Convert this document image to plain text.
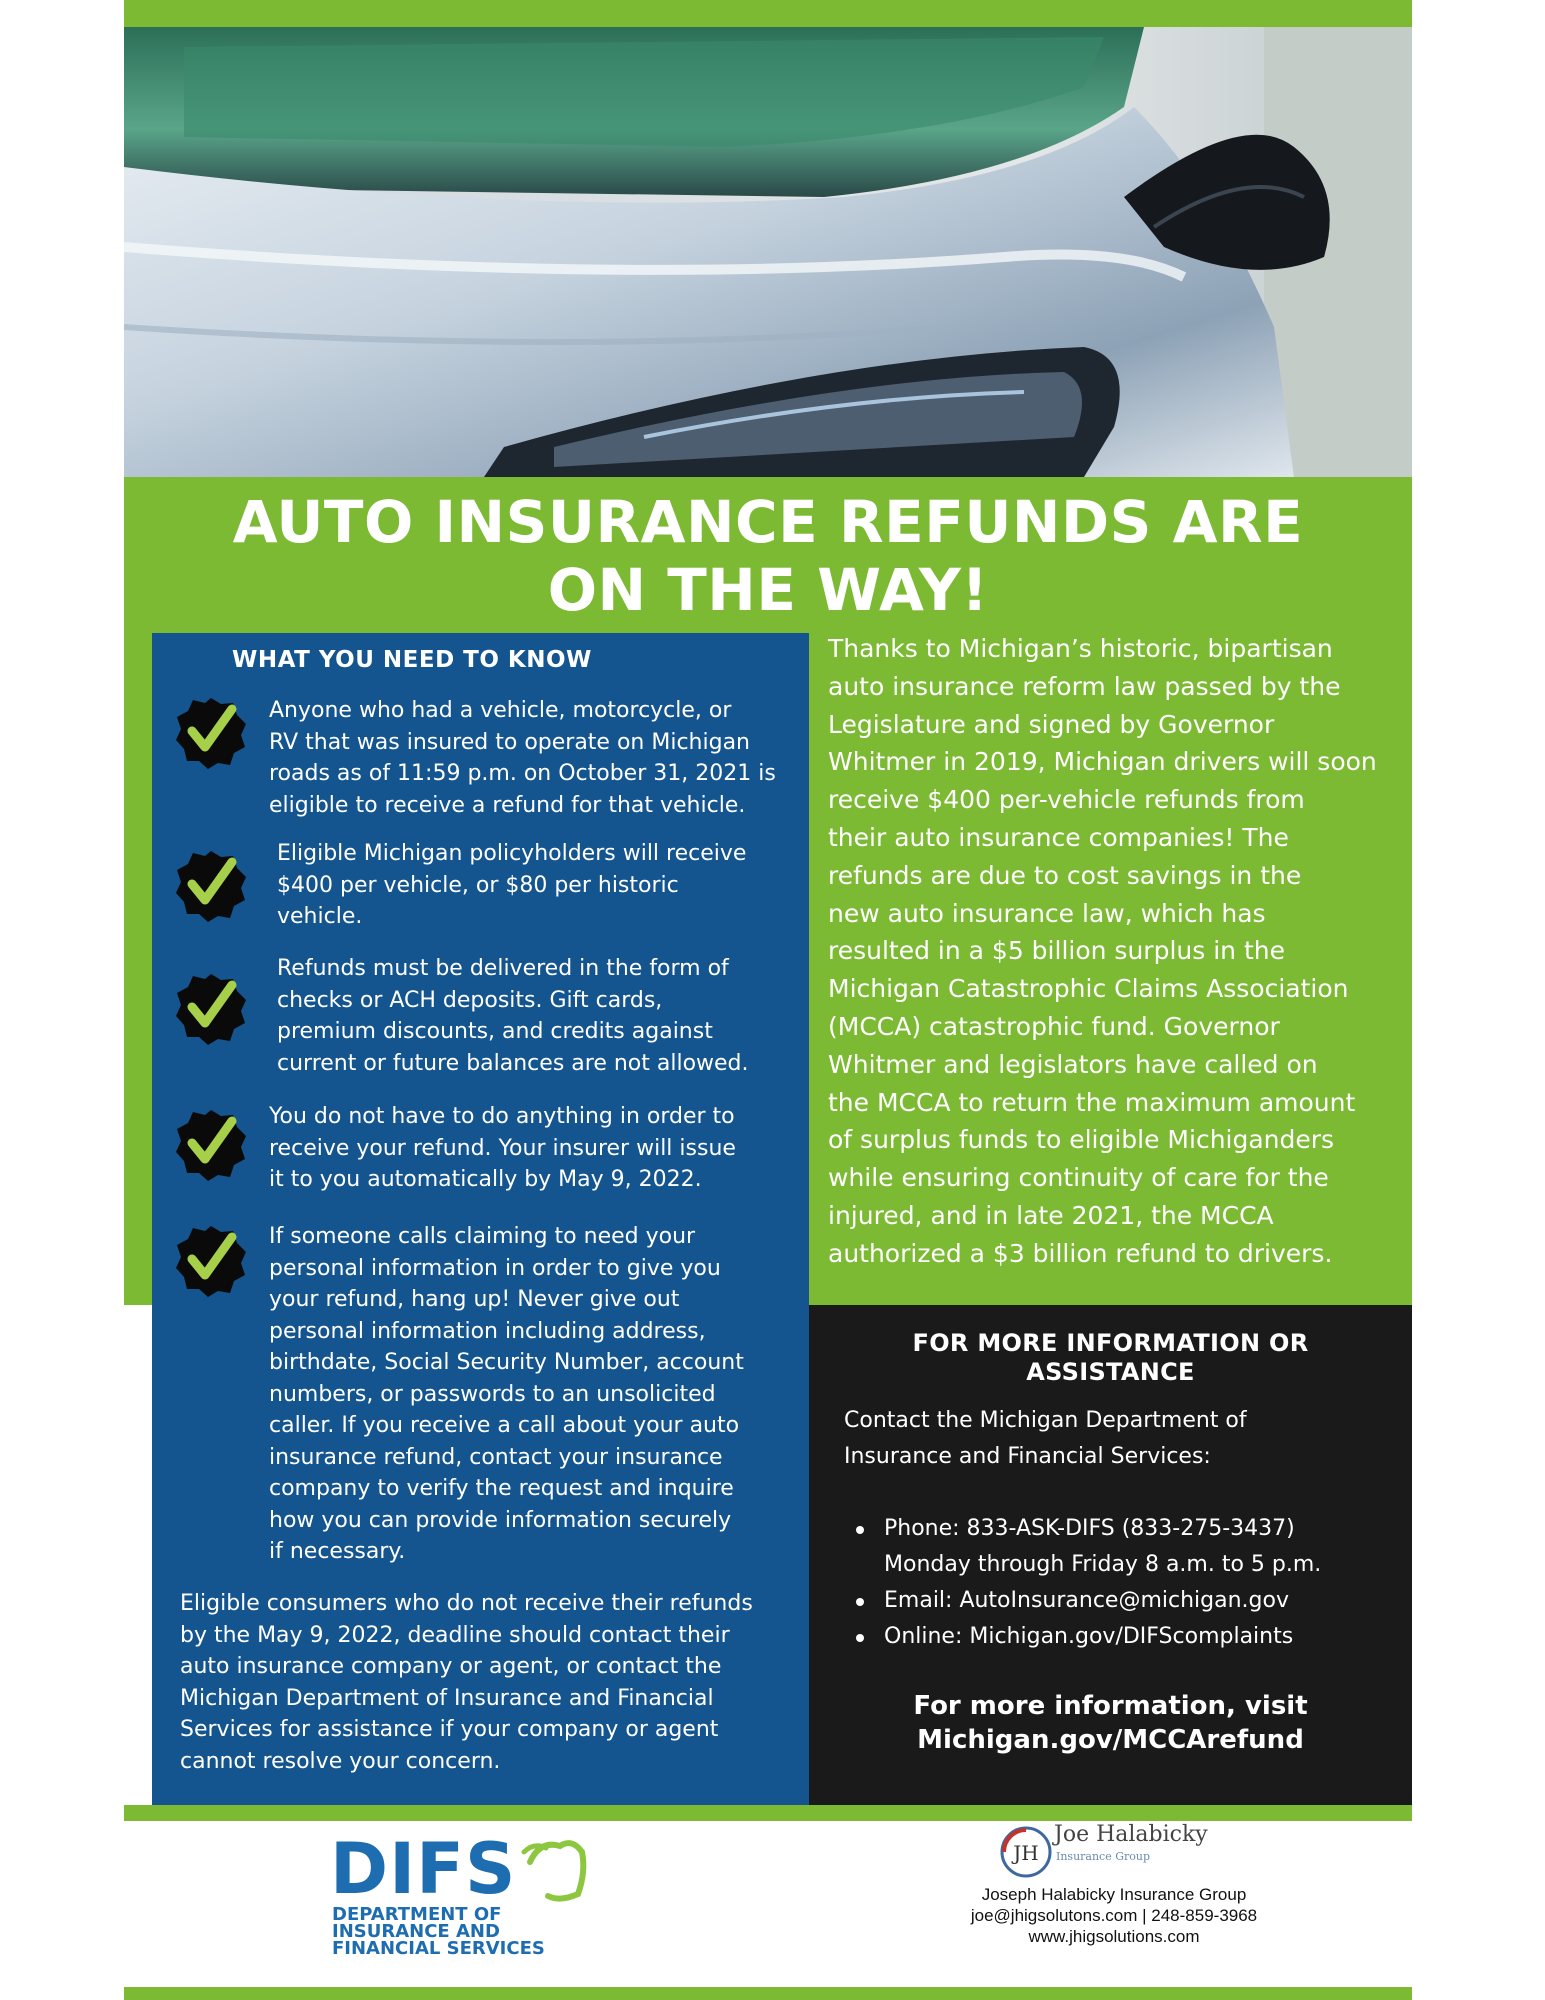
AUTO INSURANCE REFUNDS ARE
ON THE WAY!
WHAT YOU NEED TO KNOW
Anyone who had a vehicle, motorcycle, or
RV that was insured to operate on Michigan
roads as of 11:59 p.m. on October 31, 2021 is
eligible to receive a refund for that vehicle.
Eligible Michigan policyholders will receive
$400 per vehicle, or $80 per historic
vehicle.
Refunds must be delivered in the form of
checks or ACH deposits. Gift cards,
premium discounts, and credits against
current or future balances are not allowed.
You do not have to do anything in order to
receive your refund. Your insurer will issue
it to you automatically by May 9, 2022.
If someone calls claiming to need your
personal information in order to give you
your refund, hang up! Never give out
personal information including address,
birthdate, Social Security Number, account
numbers, or passwords to an unsolicited
caller. If you receive a call about your auto
insurance refund, contact your insurance
company to verify the request and inquire
how you can provide information securely
if necessary.
Eligible consumers who do not receive their refunds
by the May 9, 2022, deadline should contact their
auto insurance company or agent, or contact the
Michigan Department of Insurance and Financial
Services for assistance if your company or agent
cannot resolve your concern.
Thanks to Michigan’s historic, bipartisan
auto insurance reform law passed by the
Legislature and signed by Governor
Whitmer in 2019, Michigan drivers will soon
receive $400 per-vehicle refunds from
their auto insurance companies! The
refunds are due to cost savings in the
new auto insurance law, which has
resulted in a $5 billion surplus in the
Michigan Catastrophic Claims Association
(MCCA) catastrophic fund. Governor
Whitmer and legislators have called on
the MCCA to return the maximum amount
of surplus funds to eligible Michiganders
while ensuring continuity of care for the
injured, and in late 2021, the MCCA
authorized a $3 billion refund to drivers.
FOR MORE INFORMATION OR
ASSISTANCE
Contact the Michigan Department of
Insurance and Financial Services:
Phone: 833-ASK-DIFS (833-275-3437)
Monday through Friday 8 a.m. to 5 p.m.
Email: AutoInsurance@michigan.gov
Online: Michigan.gov/DIFScomplaints
For more information, visit
Michigan.gov/MCCArefund
DIFS
DEPARTMENT OF
INSURANCE AND
FINANCIAL SERVICES
JH
Joe Halabicky
Insurance Group
Joseph Halabicky Insurance Group
joe@jhigsolutons.com | 248-859-3968
www.jhigsolutions.com
